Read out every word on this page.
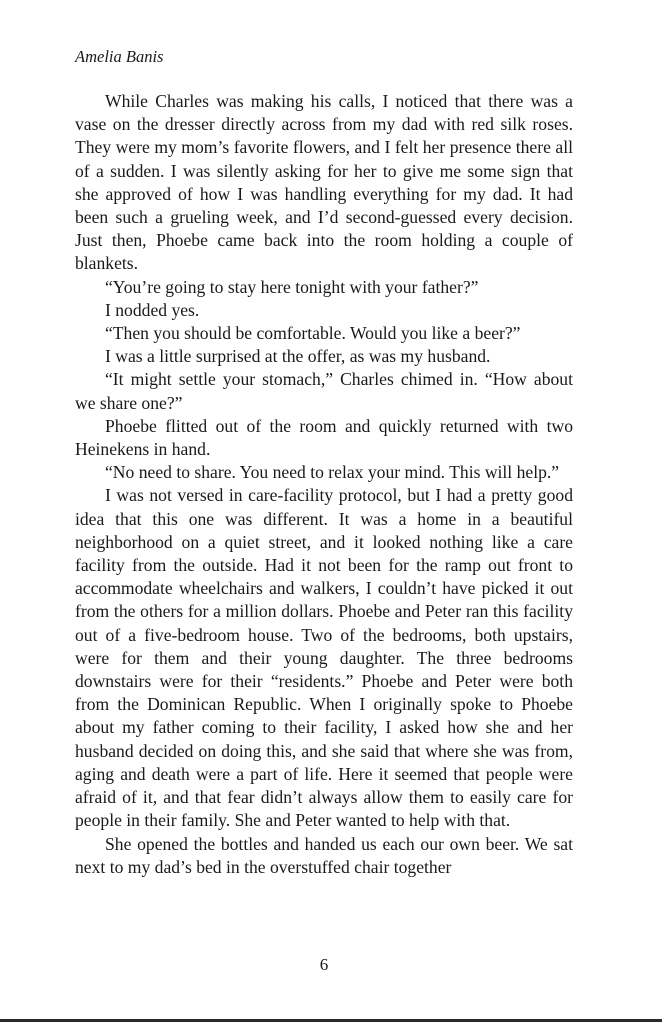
Amelia Banis

While Charles was making his calls, I noticed that there was a vase on the dresser directly across from my dad with red silk roses. They were my mom’s favorite flowers, and I felt her presence there all of a sudden. I was silently asking for her to give me some sign that she approved of how I was handling everything for my dad. It had been such a grueling week, and I’d second-guessed every decision. Just then, Phoebe came back into the room holding a couple of blankets.

“You’re going to stay here tonight with your father?”

I nodded yes.

“Then you should be comfortable. Would you like a beer?”

I was a little surprised at the offer, as was my husband.

“It might settle your stomach,” Charles chimed in. “How about we share one?”

Phoebe flitted out of the room and quickly returned with two Heinekens in hand.

“No need to share. You need to relax your mind. This will help.”

I was not versed in care-facility protocol, but I had a pretty good idea that this one was different. It was a home in a beautiful neighborhood on a quiet street, and it looked nothing like a care facility from the outside. Had it not been for the ramp out front to accommodate wheelchairs and walkers, I couldn’t have picked it out from the others for a million dollars. Phoebe and Peter ran this facility out of a five-bedroom house. Two of the bedrooms, both upstairs, were for them and their young daughter. The three bedrooms downstairs were for their “residents.” Phoebe and Peter were both from the Dominican Republic. When I originally spoke to Phoebe about my father coming to their facility, I asked how she and her husband decided on doing this, and she said that where she was from, aging and death were a part of life. Here it seemed that people were afraid of it, and that fear didn’t always allow them to easily care for people in their family. She and Peter wanted to help with that.

She opened the bottles and handed us each our own beer. We sat next to my dad’s bed in the overstuffed chair together

6
